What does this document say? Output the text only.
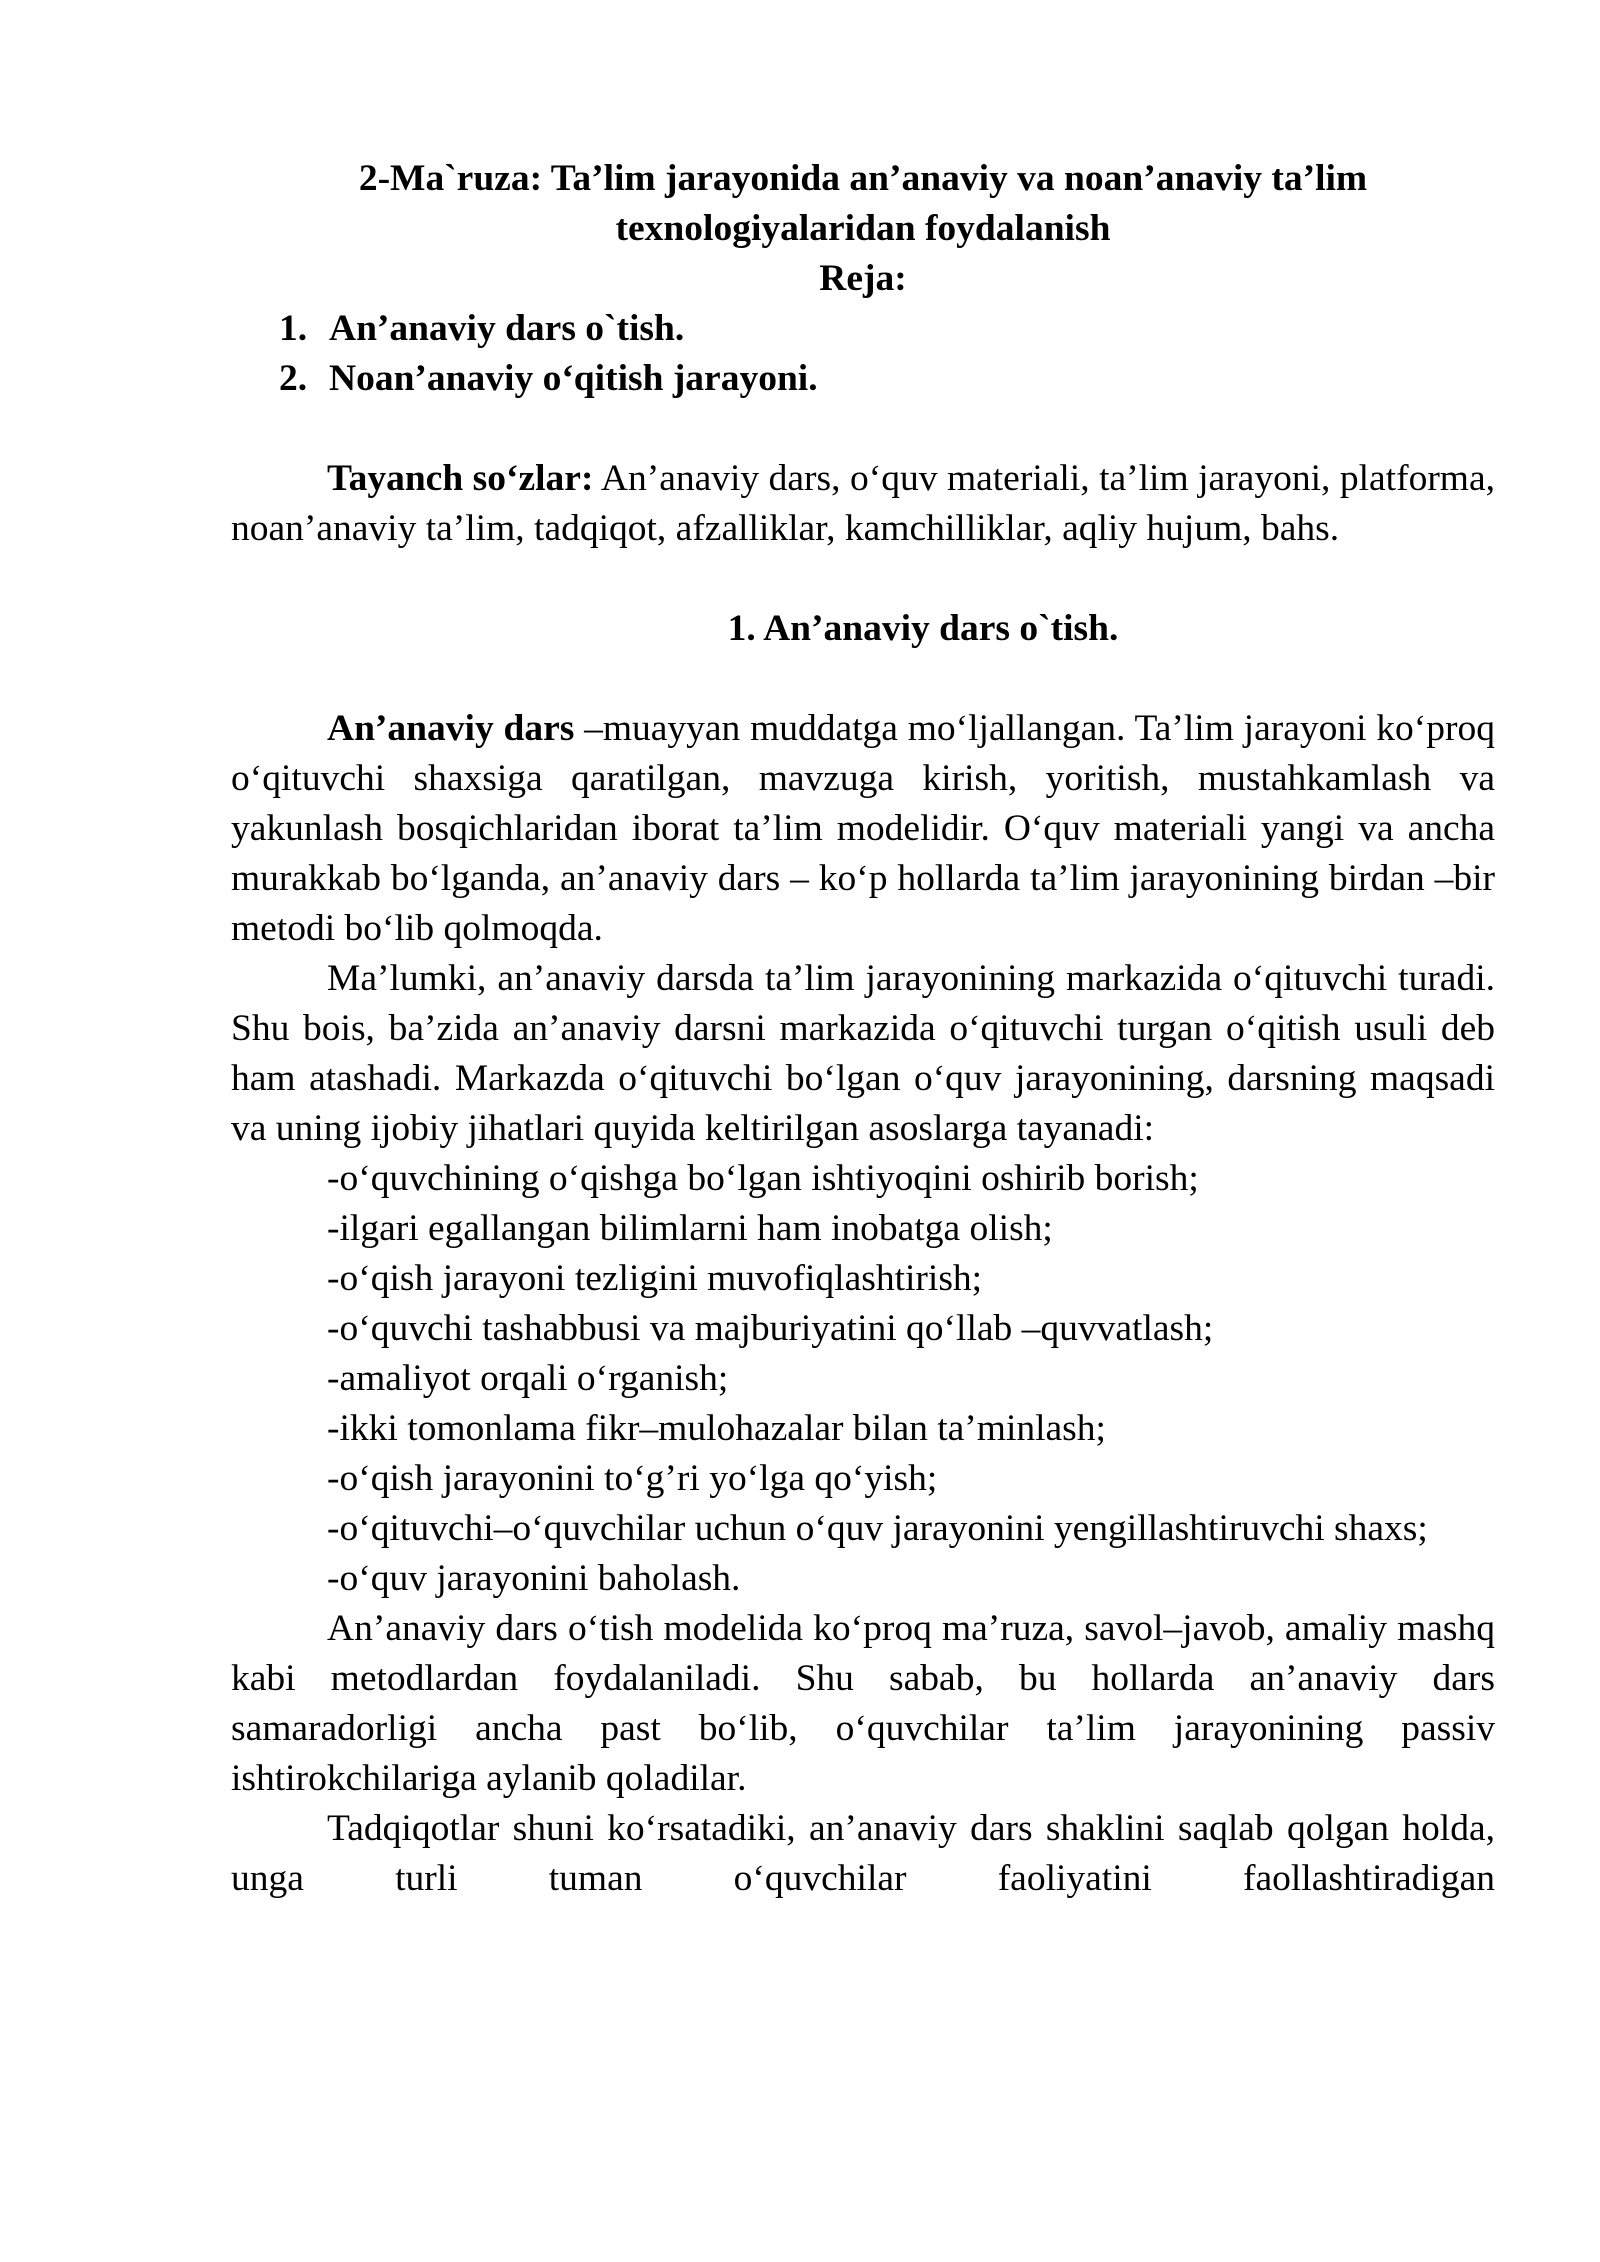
2-Ma`ruza: Ta’lim jarayonida an’anaviy va noan’anaviy ta’lim
texnologiyalaridan foydalanish
Reja:
1. An’anaviy dars o`tish.
2. Noan’anaviy o‘qitish jarayoni.

Tayanch so‘zlar: An’anaviy dars, o‘quv materiali, ta’lim jarayoni, platforma, noan’anaviy ta’lim, tadqiqot, afzalliklar, kamchilliklar, aqliy hujum, bahs.

1. An’anaviy dars o`tish.

An’anaviy dars –muayyan muddatga mo‘ljallangan. Ta’lim jarayoni ko‘proq o‘qituvchi shaxsiga qaratilgan, mavzuga kirish, yoritish, mustahkamlash va yakunlash bosqichlaridan iborat ta’lim modelidir. O‘quv materiali yangi va ancha murakkab bo‘lganda, an’anaviy dars – ko‘p hollarda ta’lim jarayonining birdan –bir metodi bo‘lib qolmoqda.

Ma’lumki, an’anaviy darsda ta’lim jarayonining markazida o‘qituvchi turadi. Shu bois, ba’zida an’anaviy darsni markazida o‘qituvchi turgan o‘qitish usuli deb ham atashadi. Markazda o‘qituvchi bo‘lgan o‘quv jarayonining, darsning maqsadi va uning ijobiy jihatlari quyida keltirilgan asoslarga tayanadi:

-o‘quvchining o‘qishga bo‘lgan ishtiyoqini oshirib borish;

-ilgari egallangan bilimlarni ham inobatga olish;

-o‘qish jarayoni tezligini muvofiqlashtirish;

-o‘quvchi tashabbusi va majburiyatini qo‘llab –quvvatlash;

-amaliyot orqali o‘rganish;

-ikki tomonlama fikr–mulohazalar bilan ta’minlash;

-o‘qish jarayonini to‘g’ri yo‘lga qo‘yish;

-o‘qituvchi–o‘quvchilar uchun o‘quv jarayonini yengillashtiruvchi shaxs;

-o‘quv jarayonini baholash.

An’anaviy dars o‘tish modelida ko‘proq ma’ruza, savol–javob, amaliy mashq kabi metodlardan foydalaniladi. Shu sabab, bu hollarda an’anaviy dars samaradorligi ancha past bo‘lib, o‘quvchilar ta’lim jarayonining passiv ishtirokchilariga aylanib qoladilar.

Tadqiqotlar shuni ko‘rsatadiki, an’anaviy dars shaklini saqlab qolgan holda, unga turli tuman o‘quvchilar faoliyatini faollashtiradigan
